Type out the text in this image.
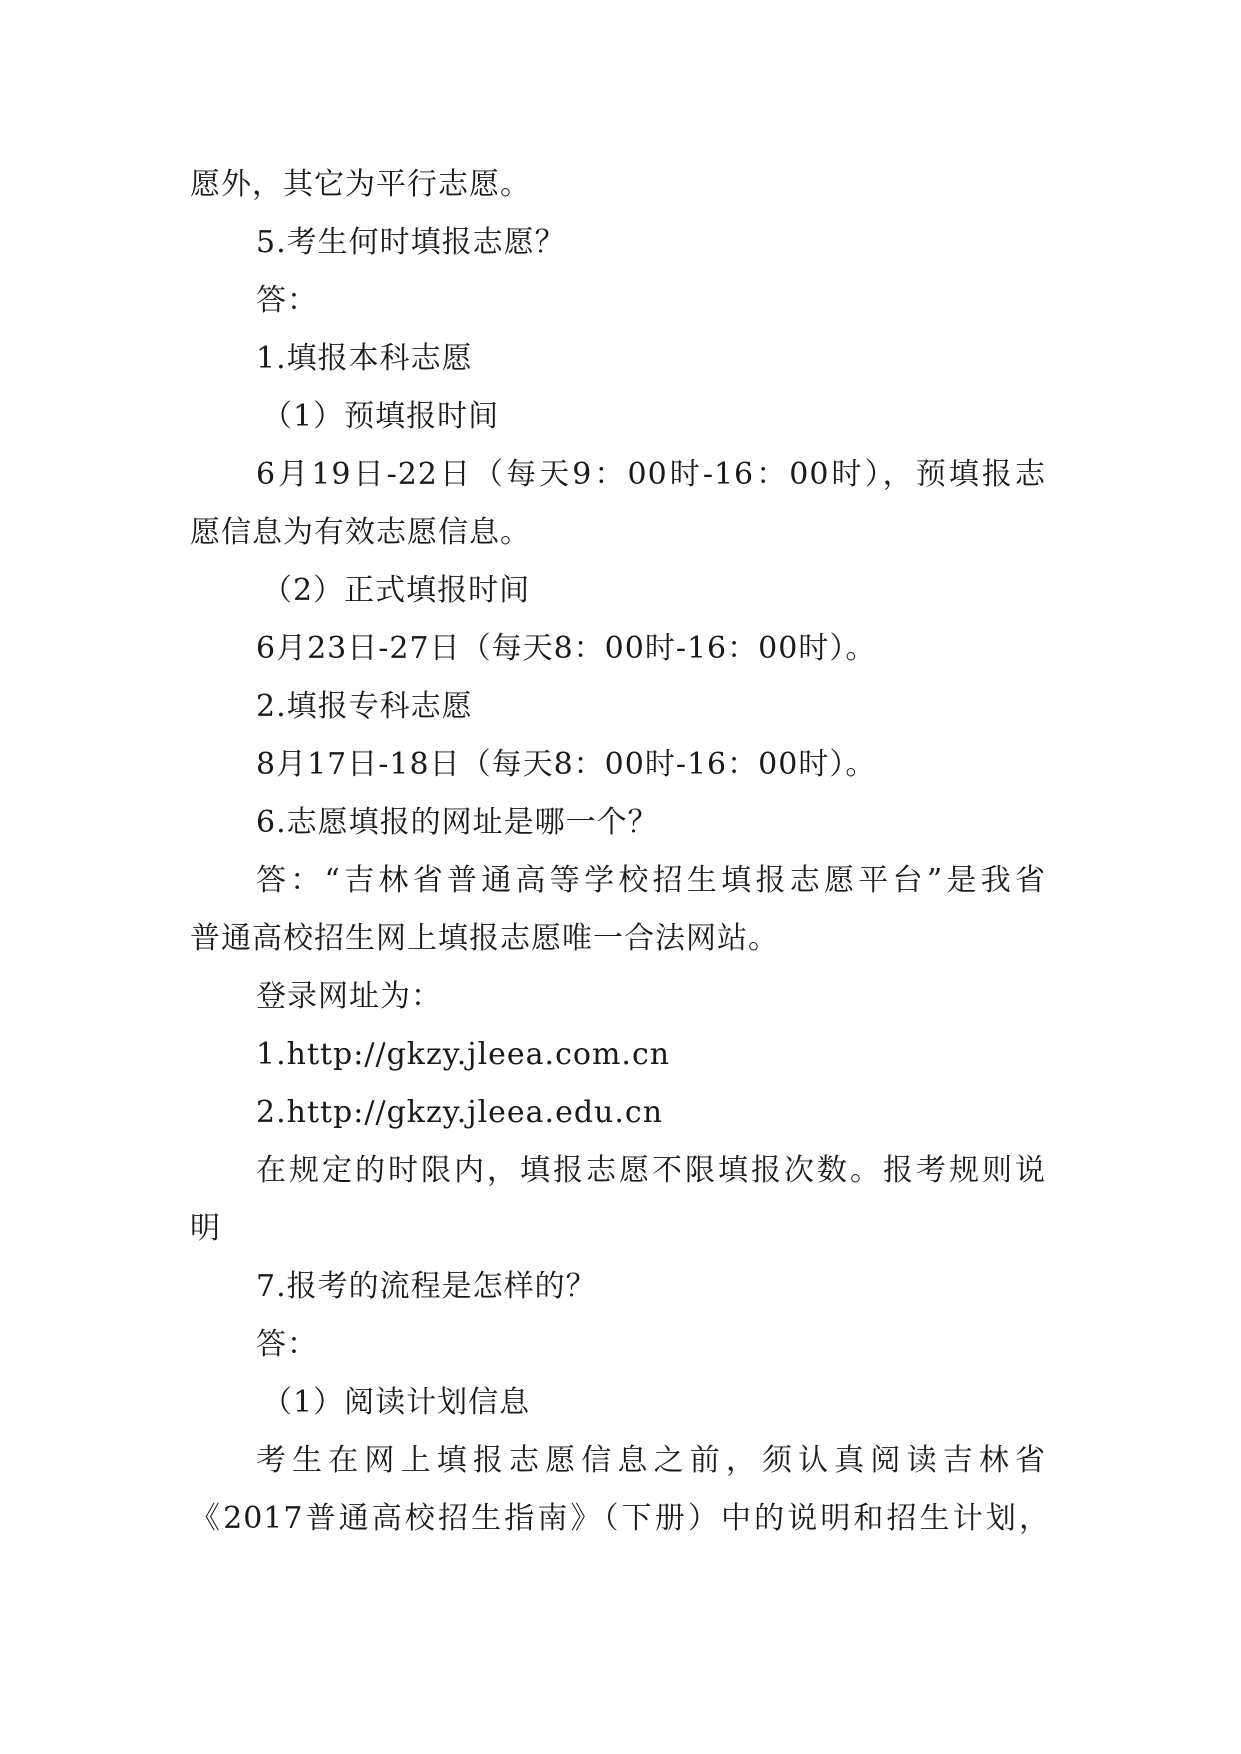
愿外，其它为平行志愿。
5.考生何时填报志愿？
答：
1.填报本科志愿
（1）预填报时间
6月19日-22日（每天9：00时-16：00时），预填报志
愿信息为有效志愿信息。
（2）正式填报时间
6月23日-27日（每天8：00时-16：00时）。
2.填报专科志愿
8月17日-18日（每天8：00时-16：00时）。
6.志愿填报的网址是哪一个？
答：“吉林省普通高等学校招生填报志愿平台”是我省
普通高校招生网上填报志愿唯一合法网站。
登录网址为：
1.http://gkzy.jleea.com.cn
2.http://gkzy.jleea.edu.cn
在规定的时限内，填报志愿不限填报次数。报考规则说
明
7.报考的流程是怎样的？
答：
（1）阅读计划信息
考生在网上填报志愿信息之前，须认真阅读吉林省
《2017普通高校招生指南》（下册）中的说明和招生计划，
